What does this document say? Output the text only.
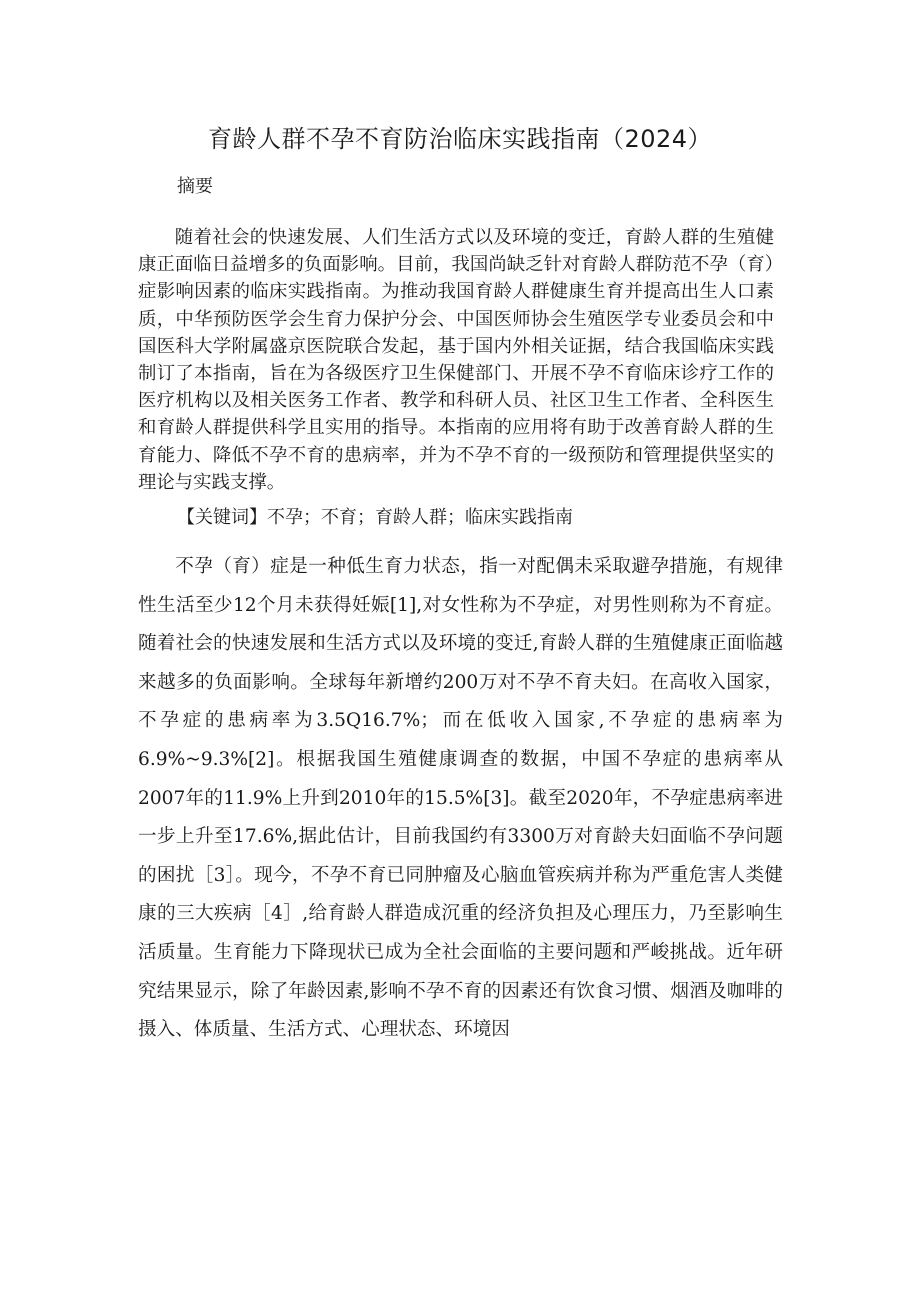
育龄人群不孕不育防治临床实践指南（2024）
摘要

随着社会的快速发展、人们生活方式以及环境的变迁，育龄人群的生殖健康正面临日益增多的负面影响。目前，我国尚缺乏针对育龄人群防范不孕（育）症影响因素的临床实践指南。为推动我国育龄人群健康生育并提高出生人口素质，中华预防医学会生育力保护分会、中国医师协会生殖医学专业委员会和中国医科大学附属盛京医院联合发起，基于国内外相关证据，结合我国临床实践制订了本指南，旨在为各级医疗卫生保健部门、开展不孕不育临床诊疗工作的医疗机构以及相关医务工作者、教学和科研人员、社区卫生工作者、全科医生和育龄人群提供科学且实用的指导。本指南的应用将有助于改善育龄人群的生育能力、降低不孕不育的患病率，并为不孕不育的一级预防和管理提供坚实的理论与实践支撑。

【关键词】不孕；不育；育龄人群；临床实践指南

不孕（育）症是一种低生育力状态，指一对配偶未采取避孕措施，有规律性生活至少12个月未获得妊娠[1],对女性称为不孕症，对男性则称为不育症。随着社会的快速发展和生活方式以及环境的变迁,育龄人群的生殖健康正面临越来越多的负面影响。全球每年新增约200万对不孕不育夫妇。在高收入国家，不孕症的患病率为3.5Q16.7%；而在低收入国家,不孕症的患病率为6.9%~9.3%[2]。根据我国生殖健康调查的数据，中国不孕症的患病率从2007年的11.9%上升到2010年的15.5%[3]。截至2020年，不孕症患病率进一步上升至17.6%,据此估计，目前我国约有3300万对育龄夫妇面临不孕问题的困扰［3］。现今，不孕不育已同肿瘤及心脑血管疾病并称为严重危害人类健康的三大疾病［4］,给育龄人群造成沉重的经济负担及心理压力，乃至影响生活质量。生育能力下降现状已成为全社会面临的主要问题和严峻挑战。近年研究结果显示，除了年龄因素,影响不孕不育的因素还有饮食习惯、烟酒及咖啡的摄入、体质量、生活方式、心理状态、环境因
